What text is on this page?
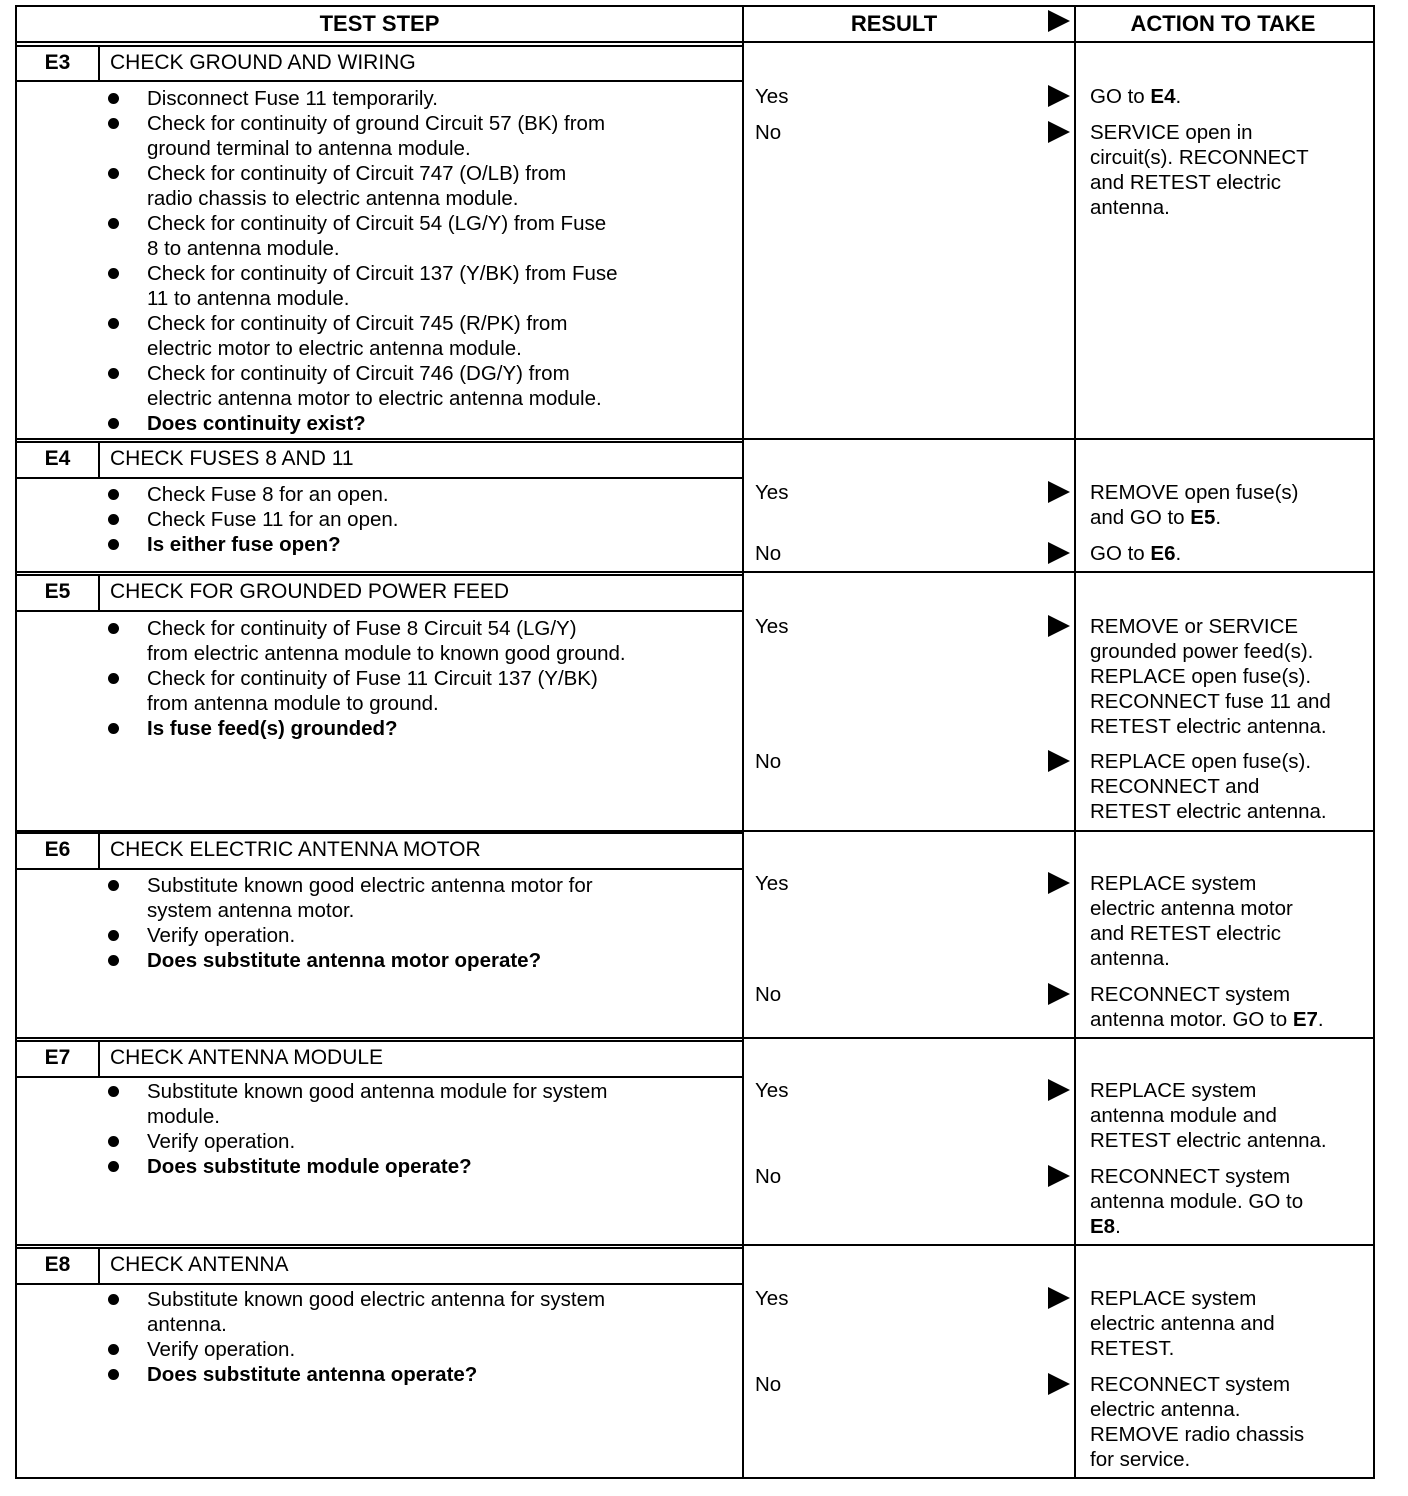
TEST STEP	RESULT	ACTION TO TAKE
E3	CHECK GROUND AND WIRING
Disconnect Fuse 11 temporarily.
Check for continuity of ground Circuit 57 (BK) from
ground terminal to antenna module.
Check for continuity of Circuit 747 (O/LB) from
radio chassis to electric antenna module.
Check for continuity of Circuit 54 (LG/Y) from Fuse
8 to antenna module.
Check for continuity of Circuit 137 (Y/BK) from Fuse
11 to antenna module.
Check for continuity of Circuit 745 (R/PK) from
electric motor to electric antenna module.
Check for continuity of Circuit 746 (DG/Y) from
electric antenna motor to electric antenna module.
Does continuity exist?
Yes	GO to E4.
No	SERVICE open in
circuit(s). RECONNECT
and RETEST electric
antenna.
E4	CHECK FUSES 8 AND 11
Check Fuse 8 for an open.
Check Fuse 11 for an open.
Is either fuse open?
Yes	REMOVE open fuse(s)
and GO to E5.
No	GO to E6.
E5	CHECK FOR GROUNDED POWER FEED
Check for continuity of Fuse 8 Circuit 54 (LG/Y)
from electric antenna module to known good ground.
Check for continuity of Fuse 11 Circuit 137 (Y/BK)
from antenna module to ground.
Is fuse feed(s) grounded?
Yes	REMOVE or SERVICE
grounded power feed(s).
REPLACE open fuse(s).
RECONNECT fuse 11 and
RETEST electric antenna.
No	REPLACE open fuse(s).
RECONNECT and
RETEST electric antenna.
E6	CHECK ELECTRIC ANTENNA MOTOR
Substitute known good electric antenna motor for
system antenna motor.
Verify operation.
Does substitute antenna motor operate?
Yes	REPLACE system
electric antenna motor
and RETEST electric
antenna.
No	RECONNECT system
antenna motor. GO to E7.
E7	CHECK ANTENNA MODULE
Substitute known good antenna module for system
module.
Verify operation.
Does substitute module operate?
Yes	REPLACE system
antenna module and
RETEST electric antenna.
No	RECONNECT system
antenna module. GO to
E8.
E8	CHECK ANTENNA
Substitute known good electric antenna for system
antenna.
Verify operation.
Does substitute antenna operate?
Yes	REPLACE system
electric antenna and
RETEST.
No	RECONNECT system
electric antenna.
REMOVE radio chassis
for service.
